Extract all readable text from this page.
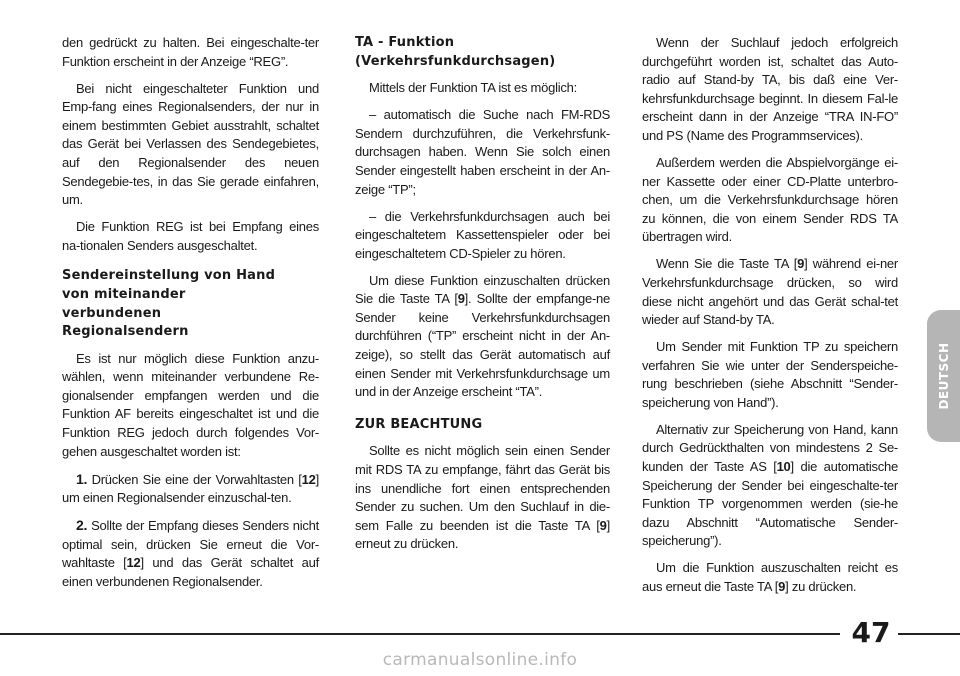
den gedrückt zu halten. Bei eingeschalte-ter Funktion erscheint in der Anzeige “REG”.

Bei nicht eingeschalteter Funktion und Emp-fang eines Regionalsenders, der nur in einem bestimmten Gebiet ausstrahlt, schaltet das Gerät bei Verlassen des Sendegebietes, auf den Regionalsender des neuen Sendegebie-tes, in das Sie gerade einfahren, um.

Die Funktion REG ist bei Empfang eines na-tionalen Senders ausgeschaltet.

Sendereinstellung von Hand
von miteinander
verbundenen
Regionalsendern

Es ist nur möglich diese Funktion anzu-wählen, wenn miteinander verbundene Re-gionalsender empfangen werden und die Funktion AF bereits eingeschaltet ist und die Funktion REG jedoch durch folgendes Vor-gehen ausgeschaltet worden ist:

1. Drücken Sie eine der Vorwahltasten [12] um einen Regionalsender einzuschal-ten.

2. Sollte der Empfang dieses Senders nicht optimal sein, drücken Sie erneut die Vor-wahltaste [12] und das Gerät schaltet auf einen verbundenen Regionalsender.

TA - Funktion
(Verkehrsfunkdurchsagen)

Mittels der Funktion TA ist es möglich:

– automatisch die Suche nach FM-RDS Sendern durchzuführen, die Verkehrsfunk-durchsagen haben. Wenn Sie solch einen Sender eingestellt haben erscheint in der An-zeige “TP”;

– die Verkehrsfunkdurchsagen auch bei eingeschaltetem Kassettenspieler oder bei eingeschaltetem CD-Spieler zu hören.

Um diese Funktion einzuschalten drücken Sie die Taste TA [9]. Sollte der empfange-ne Sender keine Verkehrsfunkdurchsagen durchführen (“TP” erscheint nicht in der An-zeige), so stellt das Gerät automatisch auf einen Sender mit Verkehrsfunkdurchsage um und in der Anzeige erscheint “TA”.

ZUR BEACHTUNG

Sollte es nicht möglich sein einen Sender mit RDS TA zu empfange, fährt das Gerät bis ins unendliche fort einen entsprechenden Sender zu suchen. Um den Suchlauf in die-sem Falle zu beenden ist die Taste TA [9] erneut zu drücken.

Wenn der Suchlauf jedoch erfolgreich durchgeführt worden ist, schaltet das Auto-radio auf Stand-by TA, bis daß eine Ver-kehrsfunkdurchsage beginnt. In diesem Fal-le erscheint dann in der Anzeige “TRA IN-FO” und PS (Name des Programmservices).

Außerdem werden die Abspielvorgänge ei-ner Kassette oder einer CD-Platte unterbro-chen, um die Verkehrsfunkdurchsage hören zu können, die von einem Sender RDS TA übertragen wird.

Wenn Sie die Taste TA [9] während ei-ner Verkehrsfunkdurchsage drücken, so wird diese nicht angehört und das Gerät schal-tet wieder auf Stand-by TA.

Um Sender mit Funktion TP zu speichern verfahren Sie wie unter der Senderspeiche-rung beschrieben (siehe Abschnitt “Sender-speicherung von Hand”).

Alternativ zur Speicherung von Hand, kann durch Gedrückthalten von mindestens 2 Se-kunden der Taste AS [10] die automatische Speicherung der Sender bei eingeschalte-ter Funktion TP vorgenommen werden (sie-he dazu Abschnitt “Automatische Sender-speicherung”).

Um die Funktion auszuschalten reicht es aus erneut die Taste TA [9] zu drücken.

DEUTSCH
47
carmanualsonline.info
